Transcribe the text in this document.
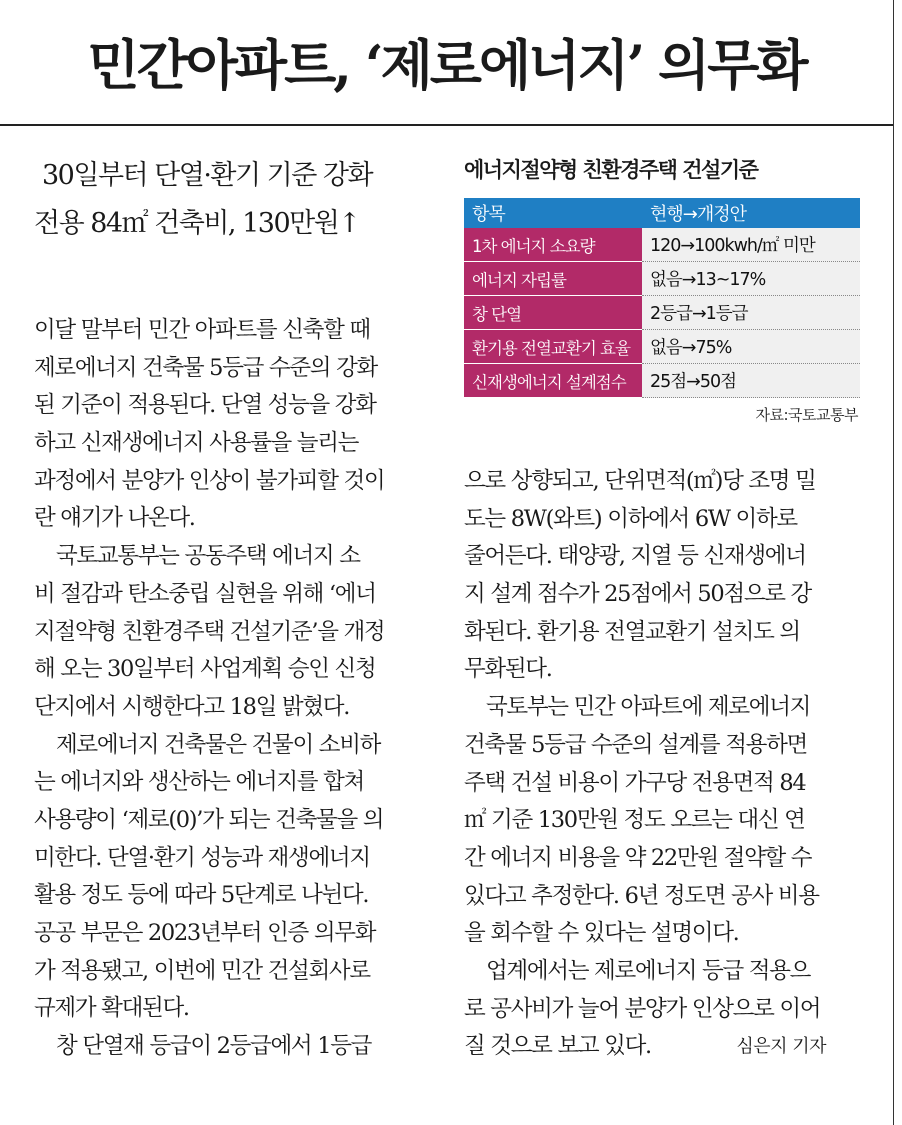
민간아파트, ‘제로에너지’ 의무화
30일부터 단열·환기 기준 강화
전용 84㎡ 건축비, 130만원↑
에너지절약형 친환경주택 건설기준
항목	현행→개정안
1차 에너지 소요량	120→100kwh/㎡ 미만
에너지 자립률	없음→13~17%
창 단열	2등급→1등급
환기용 전열교환기 효율	없음→75%
신재생에너지 설계점수	25점→50점
자료:국토교통부
이달 말부터 민간 아파트를 신축할 때
제로에너지 건축물 5등급 수준의 강화
된 기준이 적용된다. 단열 성능을 강화
하고 신재생에너지 사용률을 늘리는
과정에서 분양가 인상이 불가피할 것이
란 얘기가 나온다.
국토교통부는 공동주택 에너지 소
비 절감과 탄소중립 실현을 위해 ‘에너
지절약형 친환경주택 건설기준’을 개정
해 오는 30일부터 사업계획 승인 신청
단지에서 시행한다고 18일 밝혔다.
제로에너지 건축물은 건물이 소비하
는 에너지와 생산하는 에너지를 합쳐
사용량이 ‘제로(0)’가 되는 건축물을 의
미한다. 단열·환기 성능과 재생에너지
활용 정도 등에 따라 5단계로 나뉜다.
공공 부문은 2023년부터 인증 의무화
가 적용됐고, 이번에 민간 건설회사로
규제가 확대된다.
창 단열재 등급이 2등급에서 1등급
으로 상향되고, 단위면적(㎡)당 조명 밀
도는 8W(와트) 이하에서 6W 이하로
줄어든다. 태양광, 지열 등 신재생에너
지 설계 점수가 25점에서 50점으로 강
화된다. 환기용 전열교환기 설치도 의
무화된다.
국토부는 민간 아파트에 제로에너지
건축물 5등급 수준의 설계를 적용하면
주택 건설 비용이 가구당 전용면적 84
㎡ 기준 130만원 정도 오르는 대신 연
간 에너지 비용을 약 22만원 절약할 수
있다고 추정한다. 6년 정도면 공사 비용
을 회수할 수 있다는 설명이다.
업계에서는 제로에너지 등급 적용으
로 공사비가 늘어 분양가 인상으로 이어
질 것으로 보고 있다.	심은지 기자
